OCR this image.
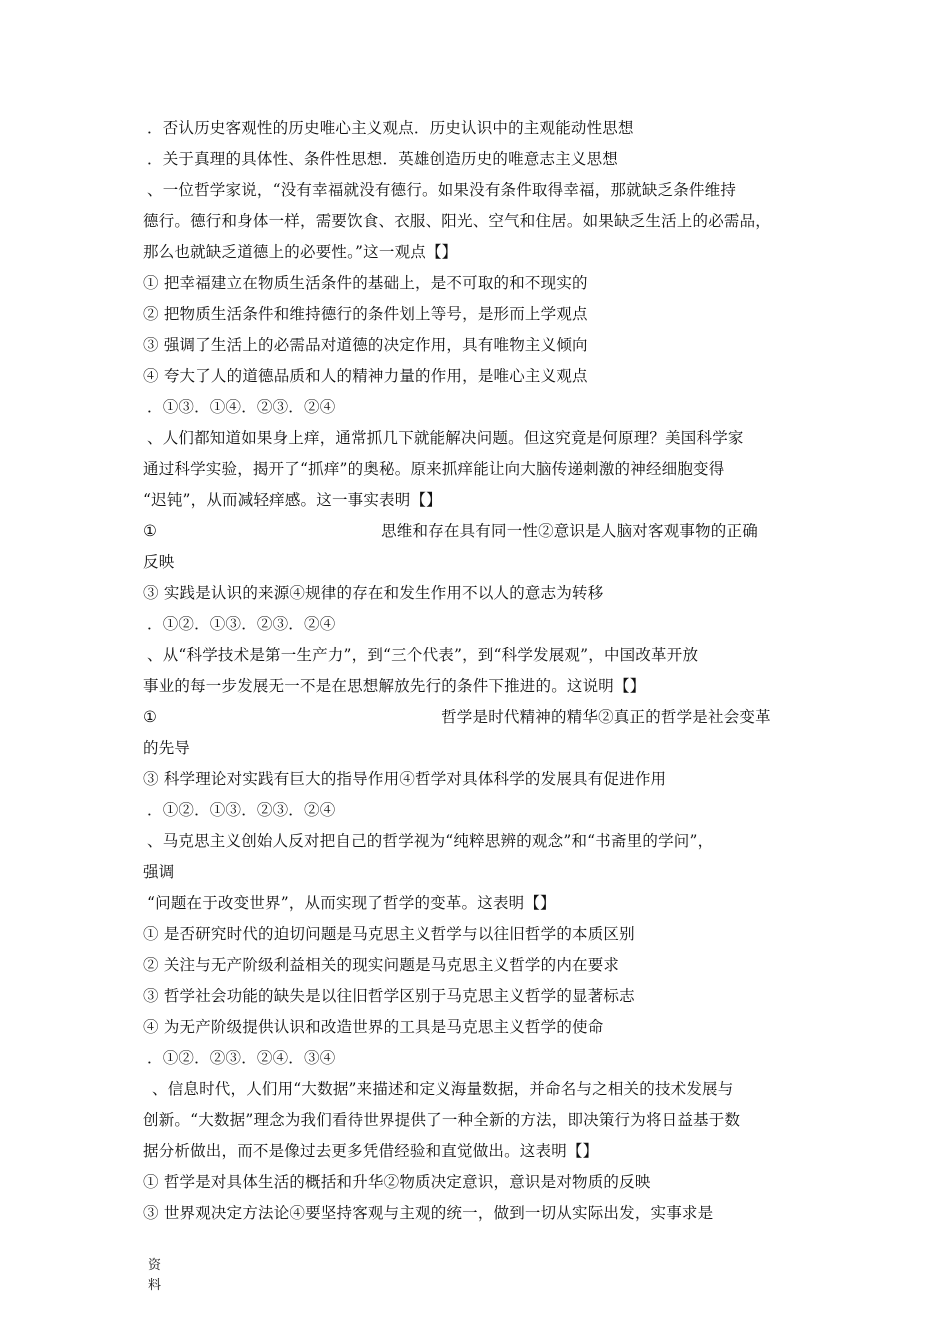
．否认历史客观性的历史唯心主义观点．历史认识中的主观能动性思想
．关于真理的具体性、条件性思想．英雄创造历史的唯意志主义思想
、一位哲学家说，“没有幸福就没有德行。如果没有条件取得幸福，那就缺乏条件维持
德行。德行和身体一样，需要饮食、衣服、阳光、空气和住居。如果缺乏生活上的必需品，
那么也就缺乏道德上的必要性。”这一观点【】
① 把幸福建立在物质生活条件的基础上，是不可取的和不现实的
② 把物质生活条件和维持德行的条件划上等号，是形而上学观点
③ 强调了生活上的必需品对道德的决定作用，具有唯物主义倾向
④ 夸大了人的道德品质和人的精神力量的作用，是唯心主义观点
．①③．①④．②③．②④
、人们都知道如果身上痒，通常抓几下就能解决问题。但这究竟是何原理？美国科学家
通过科学实验，揭开了“抓痒”的奥秘。原来抓痒能让向大脑传递刺激的神经细胞变得
“迟钝”，从而减轻痒感。这一事实表明【】
①	思维和存在具有同一性②意识是人脑对客观事物的正确
反映
③ 实践是认识的来源④规律的存在和发生作用不以人的意志为转移
．①②．①③．②③．②④
、从“科学技术是第一生产力”，到“三个代表”，到“科学发展观”，中国改革开放
事业的每一步发展无一不是在思想解放先行的条件下推进的。这说明【】
①	哲学是时代精神的精华②真正的哲学是社会变革
的先导
③ 科学理论对实践有巨大的指导作用④哲学对具体科学的发展具有促进作用
．①②．①③．②③．②④
、马克思主义创始人反对把自己的哲学视为“纯粹思辨的观念”和“书斋里的学问”，
强调
“问题在于改变世界”，从而实现了哲学的变革。这表明【】
① 是否研究时代的迫切问题是马克思主义哲学与以往旧哲学的本质区别
② 关注与无产阶级利益相关的现实问题是马克思主义哲学的内在要求
③ 哲学社会功能的缺失是以往旧哲学区别于马克思主义哲学的显著标志
④ 为无产阶级提供认识和改造世界的工具是马克思主义哲学的使命
．①②．②③．②④．③④
、信息时代，人们用“大数据”来描述和定义海量数据，并命名与之相关的技术发展与
创新。“大数据”理念为我们看待世界提供了一种全新的方法，即决策行为将日益基于数
据分析做出，而不是像过去更多凭借经验和直觉做出。这表明【】
① 哲学是对具体生活的概括和升华②物质决定意识，意识是对物质的反映
③ 世界观决定方法论④要坚持客观与主观的统一，做到一切从实际出发，实事求是
资
料
